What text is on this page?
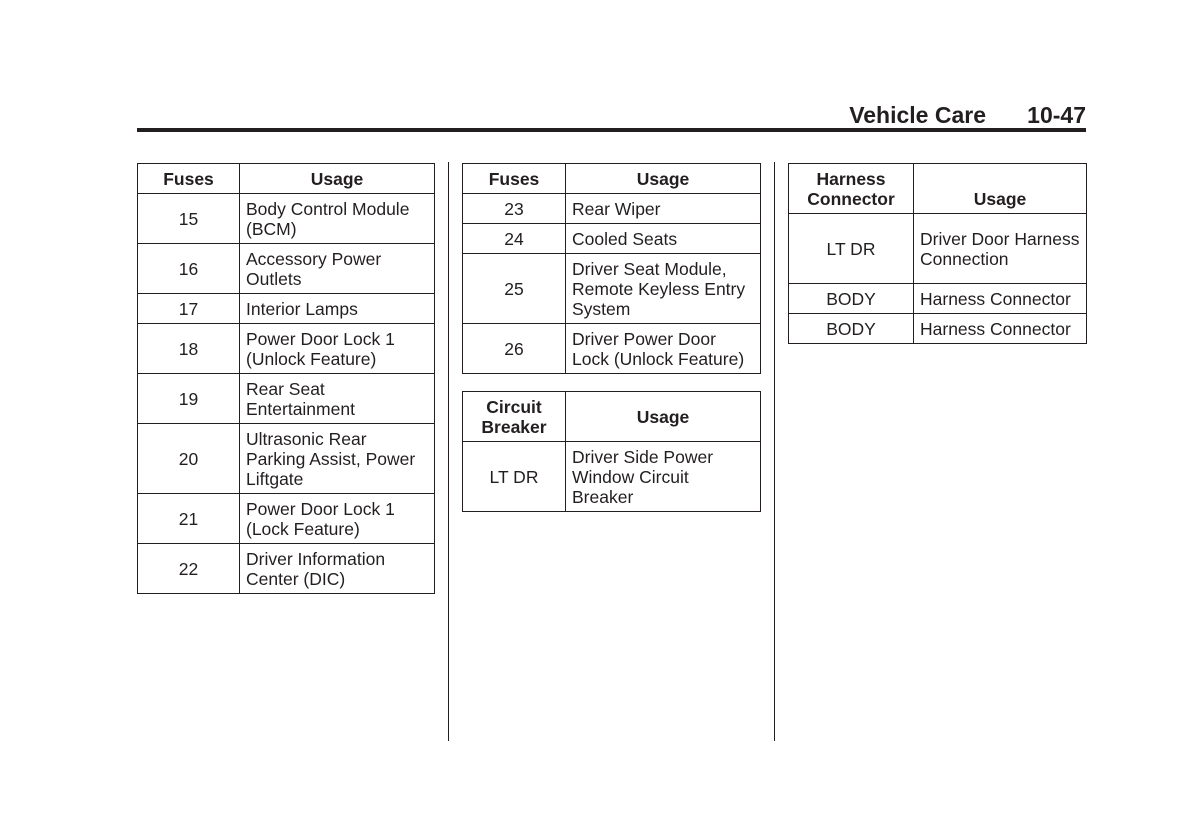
Vehicle Care 10-47
Fuses	Usage
15	Body Control Module (BCM)
16	Accessory Power Outlets
17	Interior Lamps
18	Power Door Lock 1 (Unlock Feature)
19	Rear Seat Entertainment
20	Ultrasonic Rear Parking Assist, Power Liftgate
21	Power Door Lock 1 (Lock Feature)
22	Driver Information Center (DIC)
Fuses	Usage
23	Rear Wiper
24	Cooled Seats
25	Driver Seat Module, Remote Keyless Entry System
26	Driver Power Door Lock (Unlock Feature)
Circuit Breaker	Usage
LT DR	Driver Side Power Window Circuit Breaker
Harness Connector	Usage
LT DR	Driver Door Harness Connection
BODY	Harness Connector
BODY	Harness Connector
